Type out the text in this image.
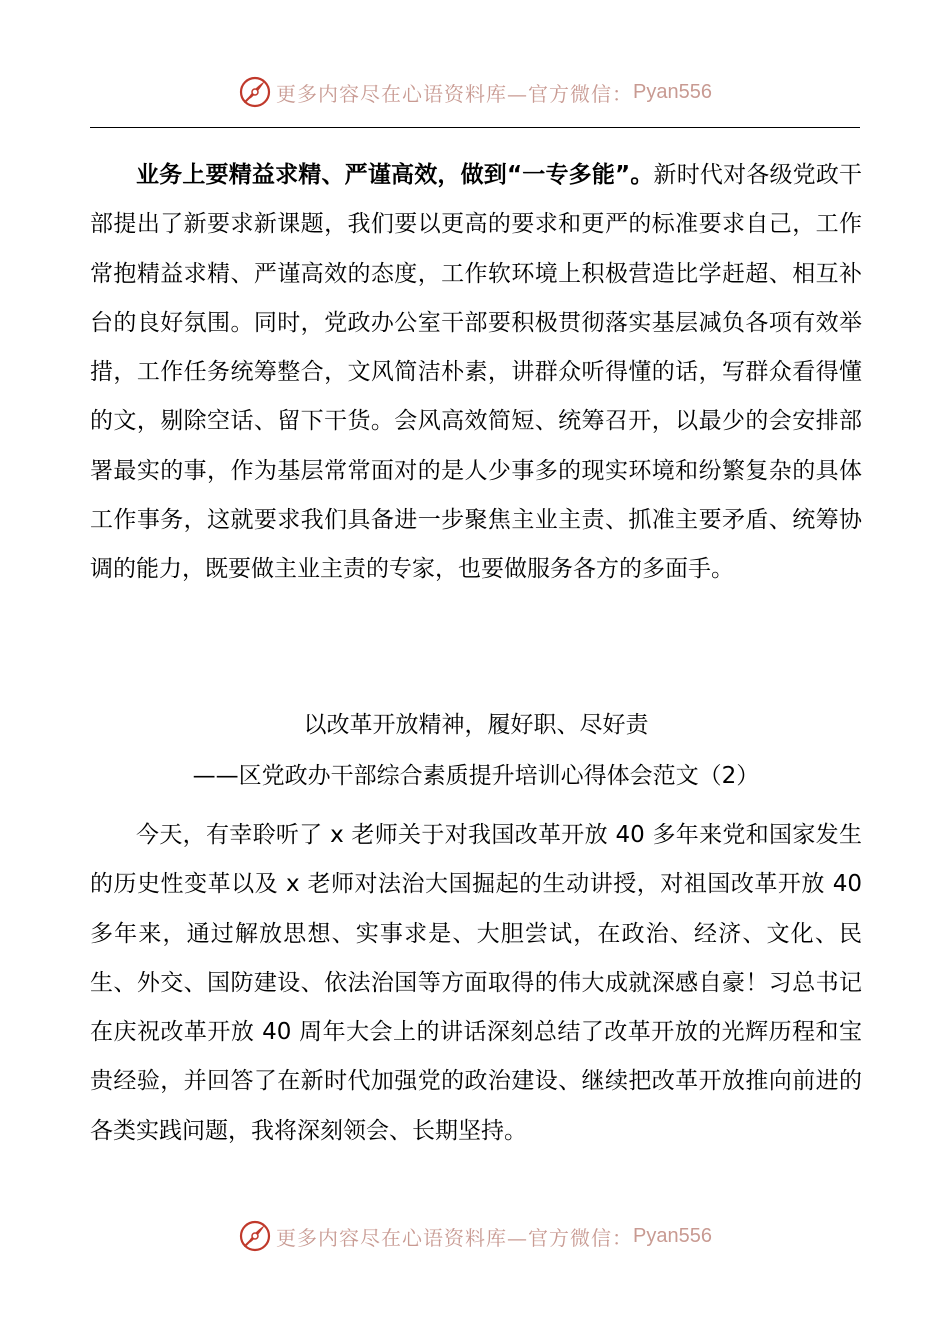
更多内容尽在心语资料库—官方微信： Pyan556

业务上要精益求精、严谨高效，做到“一专多能”。新时代对各级党政干部提出了新要求新课题，我们要以更高的要求和更严的标准要求自己，工作常抱精益求精、严谨高效的态度，工作软环境上积极营造比学赶超、相互补台的良好氛围。同时，党政办公室干部要积极贯彻落实基层减负各项有效举措，工作任务统筹整合，文风简洁朴素，讲群众听得懂的话，写群众看得懂的文，剔除空话、留下干货。会风高效简短、统筹召开，以最少的会安排部署最实的事，作为基层常常面对的是人少事多的现实环境和纷繁复杂的具体工作事务，这就要求我们具备进一步聚焦主业主责、抓准主要矛盾、统筹协调的能力，既要做主业主责的专家，也要做服务各方的多面手。

以改革开放精神，履好职、尽好责
——区党政办干部综合素质提升培训心得体会范文（2）

今天，有幸聆听了 x 老师关于对我国改革开放 40 多年来党和国家发生的历史性变革以及 x 老师对法治大国掘起的生动讲授，对祖国改革开放 40 多年来，通过解放思想、实事求是、大胆尝试，在政治、经济、文化、民生、外交、国防建设、依法治国等方面取得的伟大成就深感自豪！习总书记在庆祝改革开放 40 周年大会上的讲话深刻总结了改革开放的光辉历程和宝贵经验，并回答了在新时代加强党的政治建设、继续把改革开放推向前进的各类实践问题，我将深刻领会、长期坚持。

更多内容尽在心语资料库—官方微信： Pyan556
